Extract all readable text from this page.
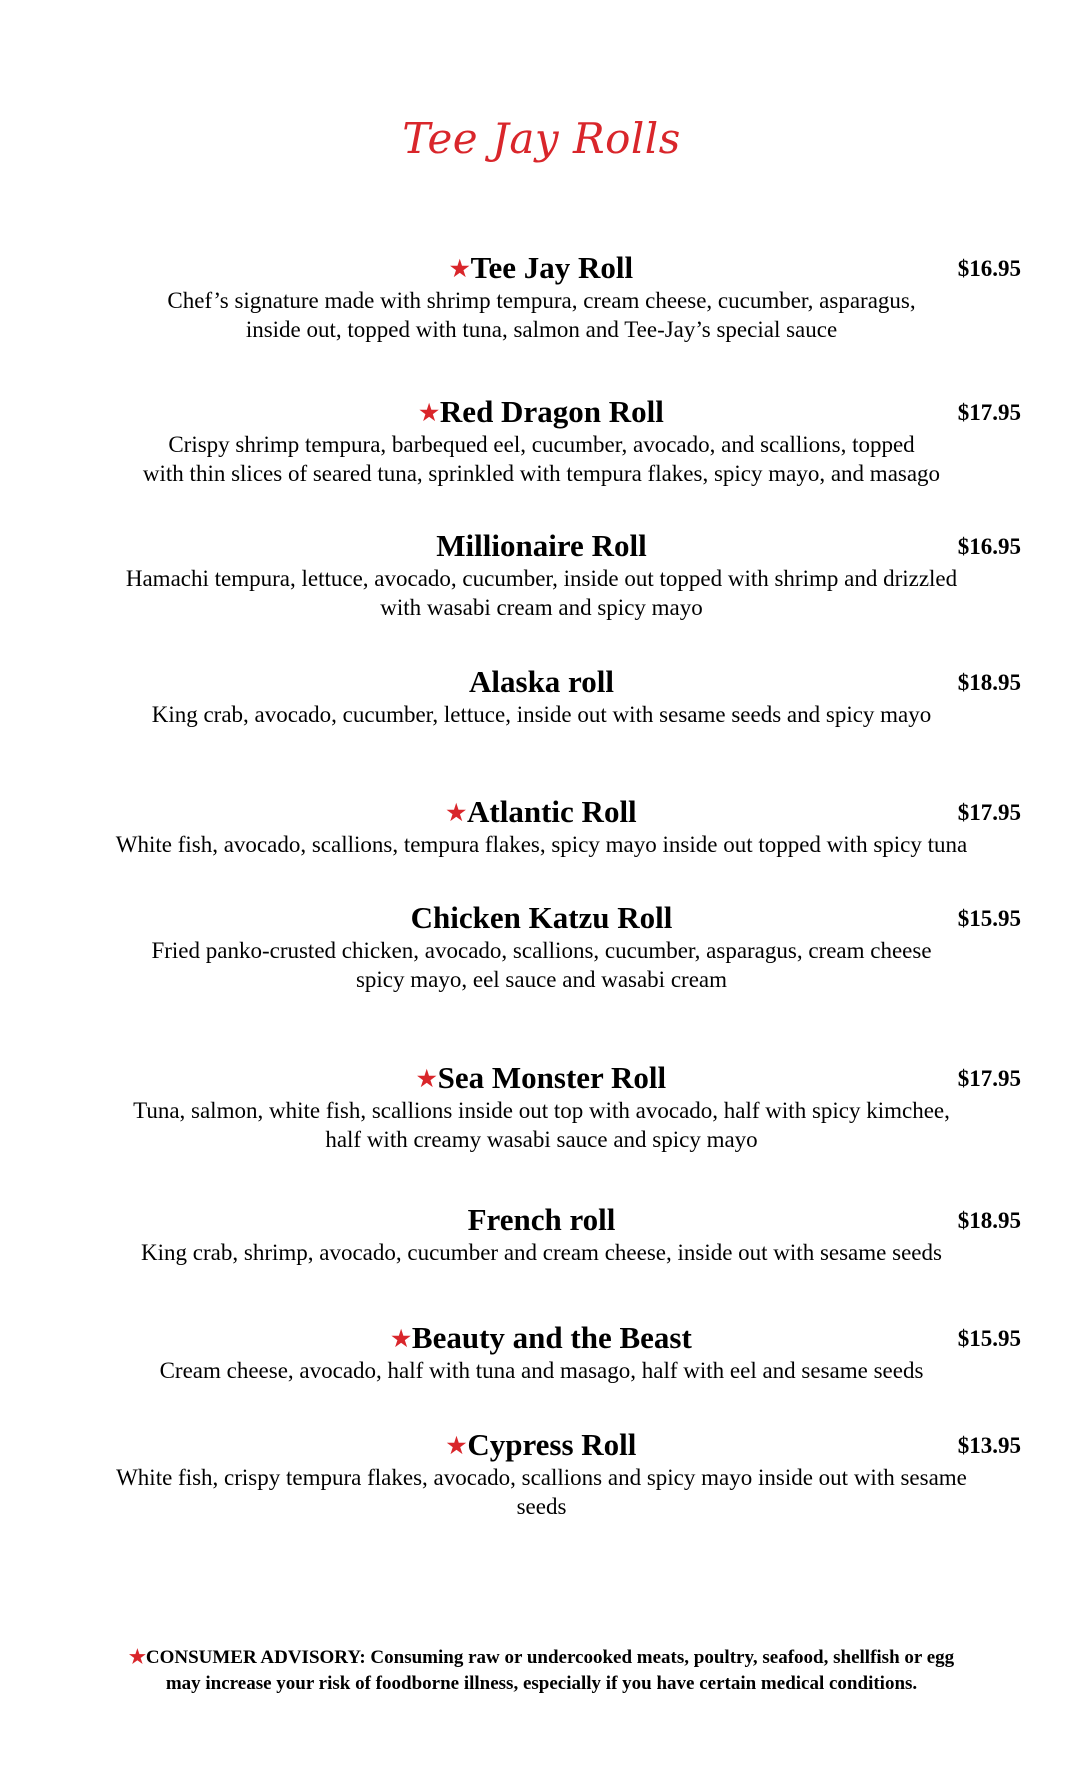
Tee Jay Rolls
★Tee Jay Roll	$16.95
Chef’s signature made with shrimp tempura, cream cheese, cucumber, asparagus,
inside out, topped with tuna, salmon and Tee-Jay’s special sauce
★Red Dragon Roll	$17.95
Crispy shrimp tempura, barbequed eel, cucumber, avocado, and scallions, topped
with thin slices of seared tuna, sprinkled with tempura flakes, spicy mayo, and masago
Millionaire Roll	$16.95
Hamachi tempura, lettuce, avocado, cucumber, inside out topped with shrimp and drizzled
with wasabi cream and spicy mayo
Alaska roll	$18.95
King crab, avocado, cucumber, lettuce, inside out with sesame seeds and spicy mayo
★Atlantic Roll	$17.95
White fish, avocado, scallions, tempura flakes, spicy mayo inside out topped with spicy tuna
Chicken Katzu Roll	$15.95
Fried panko-crusted chicken, avocado, scallions, cucumber, asparagus, cream cheese
spicy mayo, eel sauce and wasabi cream
★Sea Monster Roll	$17.95
Tuna, salmon, white fish, scallions inside out top with avocado, half with spicy kimchee,
half with creamy wasabi sauce and spicy mayo
French roll	$18.95
King crab, shrimp, avocado, cucumber and cream cheese, inside out with sesame seeds
★Beauty and the Beast	$15.95
Cream cheese, avocado, half with tuna and masago, half with eel and sesame seeds
★Cypress Roll	$13.95
White fish, crispy tempura flakes, avocado, scallions and spicy mayo inside out with sesame
seeds
★CONSUMER ADVISORY: Consuming raw or undercooked meats, poultry, seafood, shellfish or egg
may increase your risk of foodborne illness, especially if you have certain medical conditions.
